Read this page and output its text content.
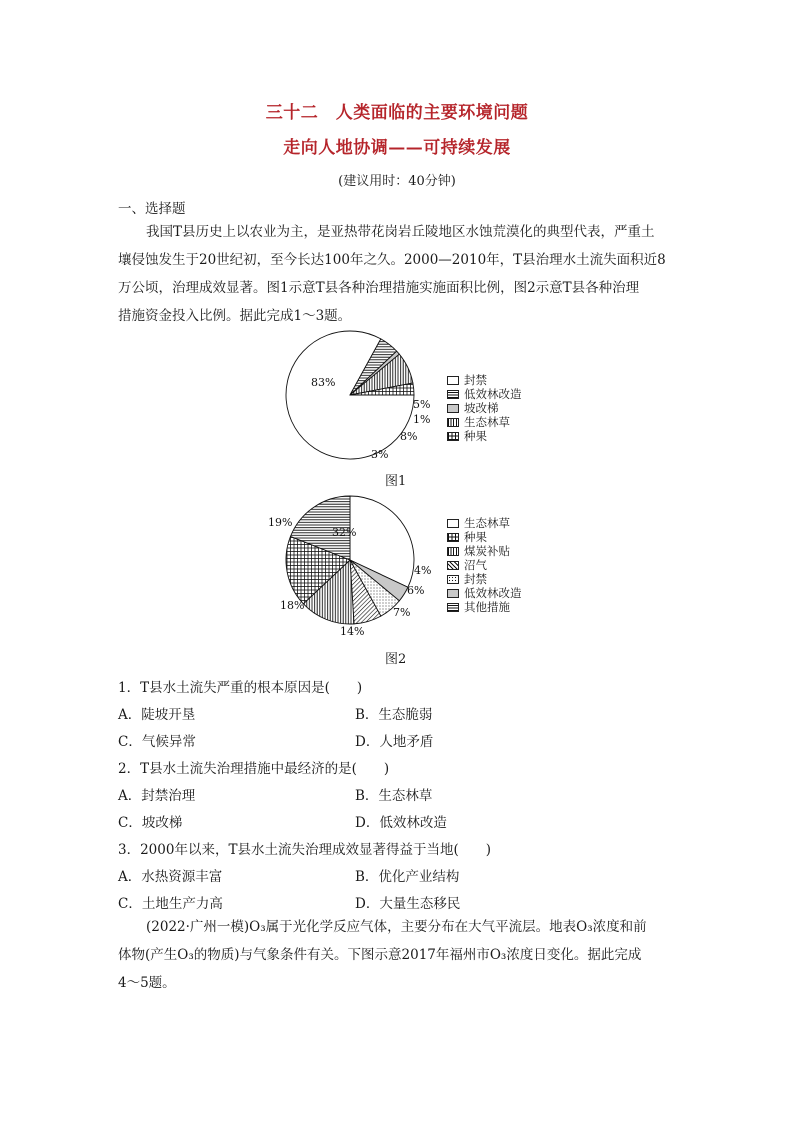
三十二　人类面临的主要环境问题
走向人地协调——可持续发展
(建议用时：40分钟)
一、选择题
我国T县历史上以农业为主，是亚热带花岗岩丘陵地区水蚀荒漠化的典型代表，严重土
壤侵蚀发生于20世纪初，至今长达100年之久。2000—2010年，T县治理水土流失面积近8
万公顷，治理成效显著。图1示意T县各种治理措施实施面积比例，图2示意T县各种治理
措施资金投入比例。据此完成1～3题。
83%
5%
1%
8%
3%
封禁
低效林改造
坡改梯
生态林草
种果
图1
32%
4%
6%
7%
14%
18%
19%	生态林草
种果
煤炭补贴
沼气
封禁
低效林改造
其他措施
图2
1．T县水土流失严重的根本原因是(　　)
A．陡坡开垦	B．生态脆弱
C．气候异常	D．人地矛盾
2．T县水土流失治理措施中最经济的是(　　)
A．封禁治理	B．生态林草
C．坡改梯	D．低效林改造
3．2000年以来，T县水土流失治理成效显著得益于当地(　　)
A．水热资源丰富	B．优化产业结构
C．土地生产力高	D．大量生态移民
(2022·广州一模)O₃属于光化学反应气体，主要分布在大气平流层。地表O₃浓度和前
体物(产生O₃的物质)与气象条件有关。下图示意2017年福州市O₃浓度日变化。据此完成
4～5题。
